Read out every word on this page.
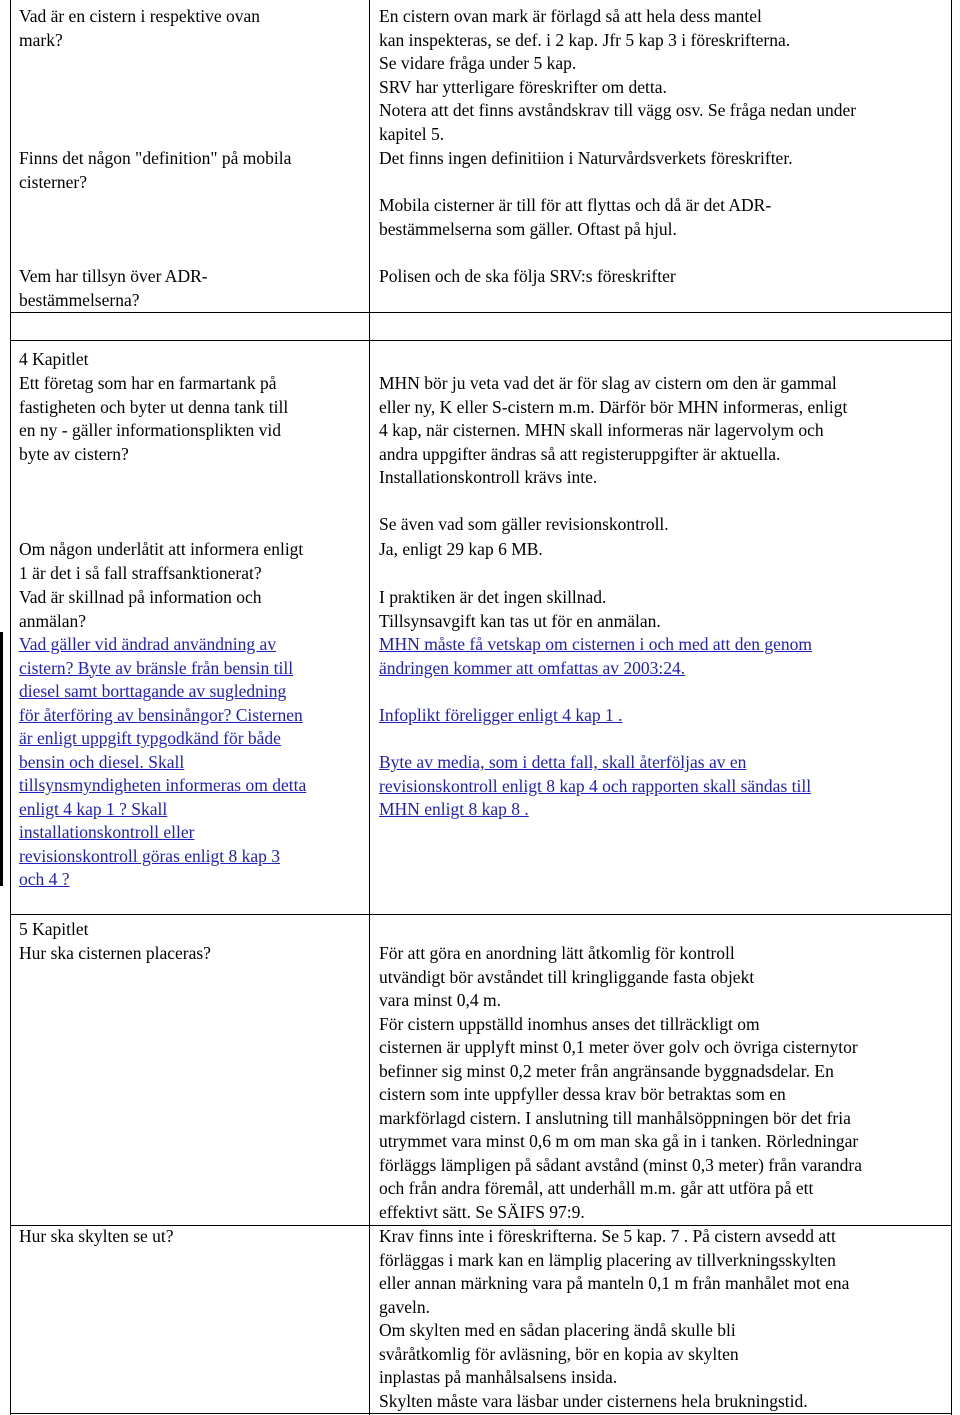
Vad är en cistern i respektive ovan
mark?
En cistern ovan mark är förlagd så att hela dess mantel
kan inspekteras, se def. i 2 kap. Jfr 5 kap 3 i föreskrifterna.
Se vidare fråga under 5 kap.
SRV har ytterligare föreskrifter om detta.
Notera att det finns avståndskrav till vägg osv. Se fråga nedan under
kapitel 5.
Finns det någon "definition" på mobila
cisterner?
Det finns ingen definitiion i Naturvårdsverkets föreskrifter.
Mobila cisterner är till för att flyttas och då är det ADR-
bestämmelserna som gäller. Oftast på hjul.
Vem har tillsyn över ADR-
bestämmelserna?
Polisen och de ska följa SRV:s föreskrifter
4 Kapitlet
Ett företag som har en farmartank på
fastigheten och byter ut denna tank till
en ny - gäller informationsplikten vid
byte av cistern?
MHN bör ju veta vad det är för slag av cistern om den är gammal
eller ny, K eller S-cistern m.m. Därför bör MHN informeras, enligt
4 kap, när cisternen. MHN skall informeras när lagervolym och
andra uppgifter ändras så att registeruppgifter är aktuella.
Installationskontroll krävs inte.
Se även vad som gäller revisionskontroll.
Om någon underlåtit att informera enligt
1 är det i så fall straffsanktionerat?
Ja, enligt 29 kap 6 MB.
Vad är skillnad på information och
anmälan?
I praktiken är det ingen skillnad.
Tillsynsavgift kan tas ut för en anmälan.
Vad gäller vid ändrad användning av
cistern? Byte av bränsle från bensin till
diesel samt borttagande av sugledning
för återföring av bensinångor? Cisternen
är enligt uppgift typgodkänd för både
bensin och diesel. Skall
tillsynsmyndigheten informeras om detta
enligt 4 kap 1 ? Skall
installationskontroll eller
revisionskontroll göras enligt 8 kap 3
och 4 ?
MHN måste få vetskap om cisternen i och med att den genom
ändringen kommer att omfattas av 2003:24.
Infoplikt föreligger enligt 4 kap 1 .
Byte av media, som i detta fall, skall återföljas av en
revisionskontroll enligt 8 kap 4 och rapporten skall sändas till
MHN enligt 8 kap 8 .
5 Kapitlet
Hur ska cisternen placeras?	För att göra en anordning lätt åtkomlig för kontroll
utvändigt bör avståndet till kringliggande fasta objekt
vara minst 0,4 m.
För cistern uppställd inomhus anses det tillräckligt om
cisternen är upplyft minst 0,1 meter över golv och övriga cisternytor
befinner sig minst 0,2 meter från angränsande byggnadsdelar. En
cistern som inte uppfyller dessa krav bör betraktas som en
markförlagd cistern. I anslutning till manhålsöppningen bör det fria
utrymmet vara minst 0,6 m om man ska gå in i tanken. Rörledningar
förläggs lämpligen på sådant avstånd (minst 0,3 meter) från varandra
och från andra föremål, att underhåll m.m. går att utföra på ett
effektivt sätt. Se SÄIFS 97:9.
Hur ska skylten se ut?	Krav finns inte i föreskrifterna. Se 5 kap. 7 . På cistern avsedd att
förläggas i mark kan en lämplig placering av tillverkningsskylten
eller annan märkning vara på manteln 0,1 m från manhålet mot ena
gaveln.
Om skylten med en sådan placering ändå skulle bli
svåråtkomlig för avläsning, bör en kopia av skylten
inplastas på manhålsalsens insida.
Skylten måste vara läsbar under cisternens hela brukningstid.
